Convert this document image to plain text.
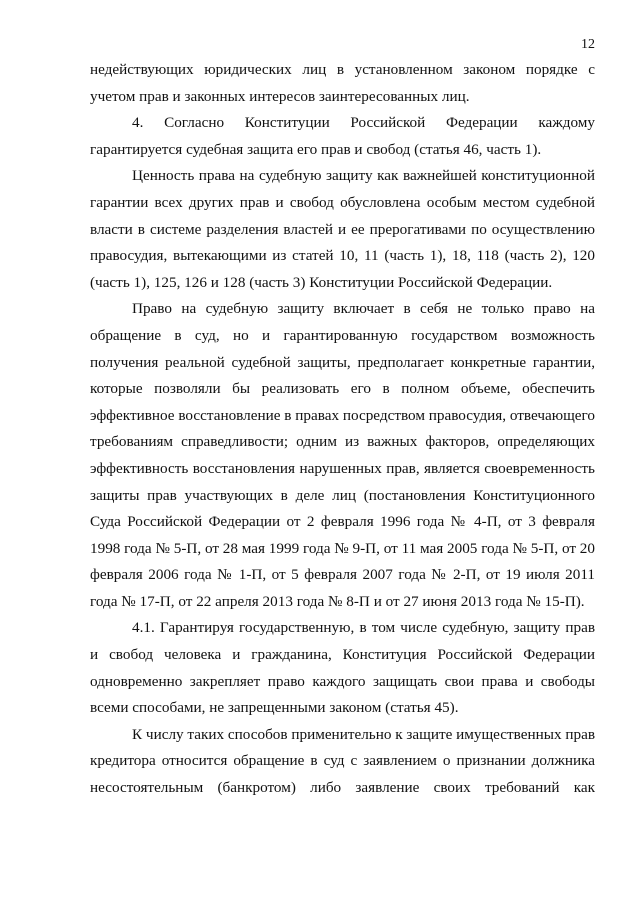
12

недействующих юридических лиц в установленном законом порядке с учетом прав и законных интересов заинтересованных лиц.

4. Согласно Конституции Российской Федерации каждому гарантируется судебная защита его прав и свобод (статья 46, часть 1).

Ценность права на судебную защиту как важнейшей конституционной гарантии всех других прав и свобод обусловлена особым местом судебной власти в системе разделения властей и ее прерогативами по осуществлению правосудия, вытекающими из статей 10, 11 (часть 1), 18, 118 (часть 2), 120 (часть 1), 125, 126 и 128 (часть 3) Конституции Российской Федерации.

Право на судебную защиту включает в себя не только право на обращение в суд, но и гарантированную государством возможность получения реальной судебной защиты, предполагает конкретные гарантии, которые позволяли бы реализовать его в полном объеме, обеспечить эффективное восстановление в правах посредством правосудия, отвечающего требованиям справедливости; одним из важных факторов, определяющих эффективность восстановления нарушенных прав, является своевременность защиты прав участвующих в деле лиц (постановления Конституционного Суда Российской Федерации от 2 февраля 1996 года № 4-П, от 3 февраля 1998 года № 5-П, от 28 мая 1999 года № 9-П, от 11 мая 2005 года № 5-П, от 20 февраля 2006 года № 1-П, от 5 февраля 2007 года № 2-П, от 19 июля 2011 года № 17-П, от 22 апреля 2013 года № 8-П и от 27 июня 2013 года № 15-П).

4.1. Гарантируя государственную, в том числе судебную, защиту прав и свобод человека и гражданина, Конституция Российской Федерации одновременно закрепляет право каждого защищать свои права и свободы всеми способами, не запрещенными законом (статья 45).

К числу таких способов применительно к защите имущественных прав кредитора относится обращение в суд с заявлением о признании должника несостоятельным (банкротом) либо заявление своих требований как
